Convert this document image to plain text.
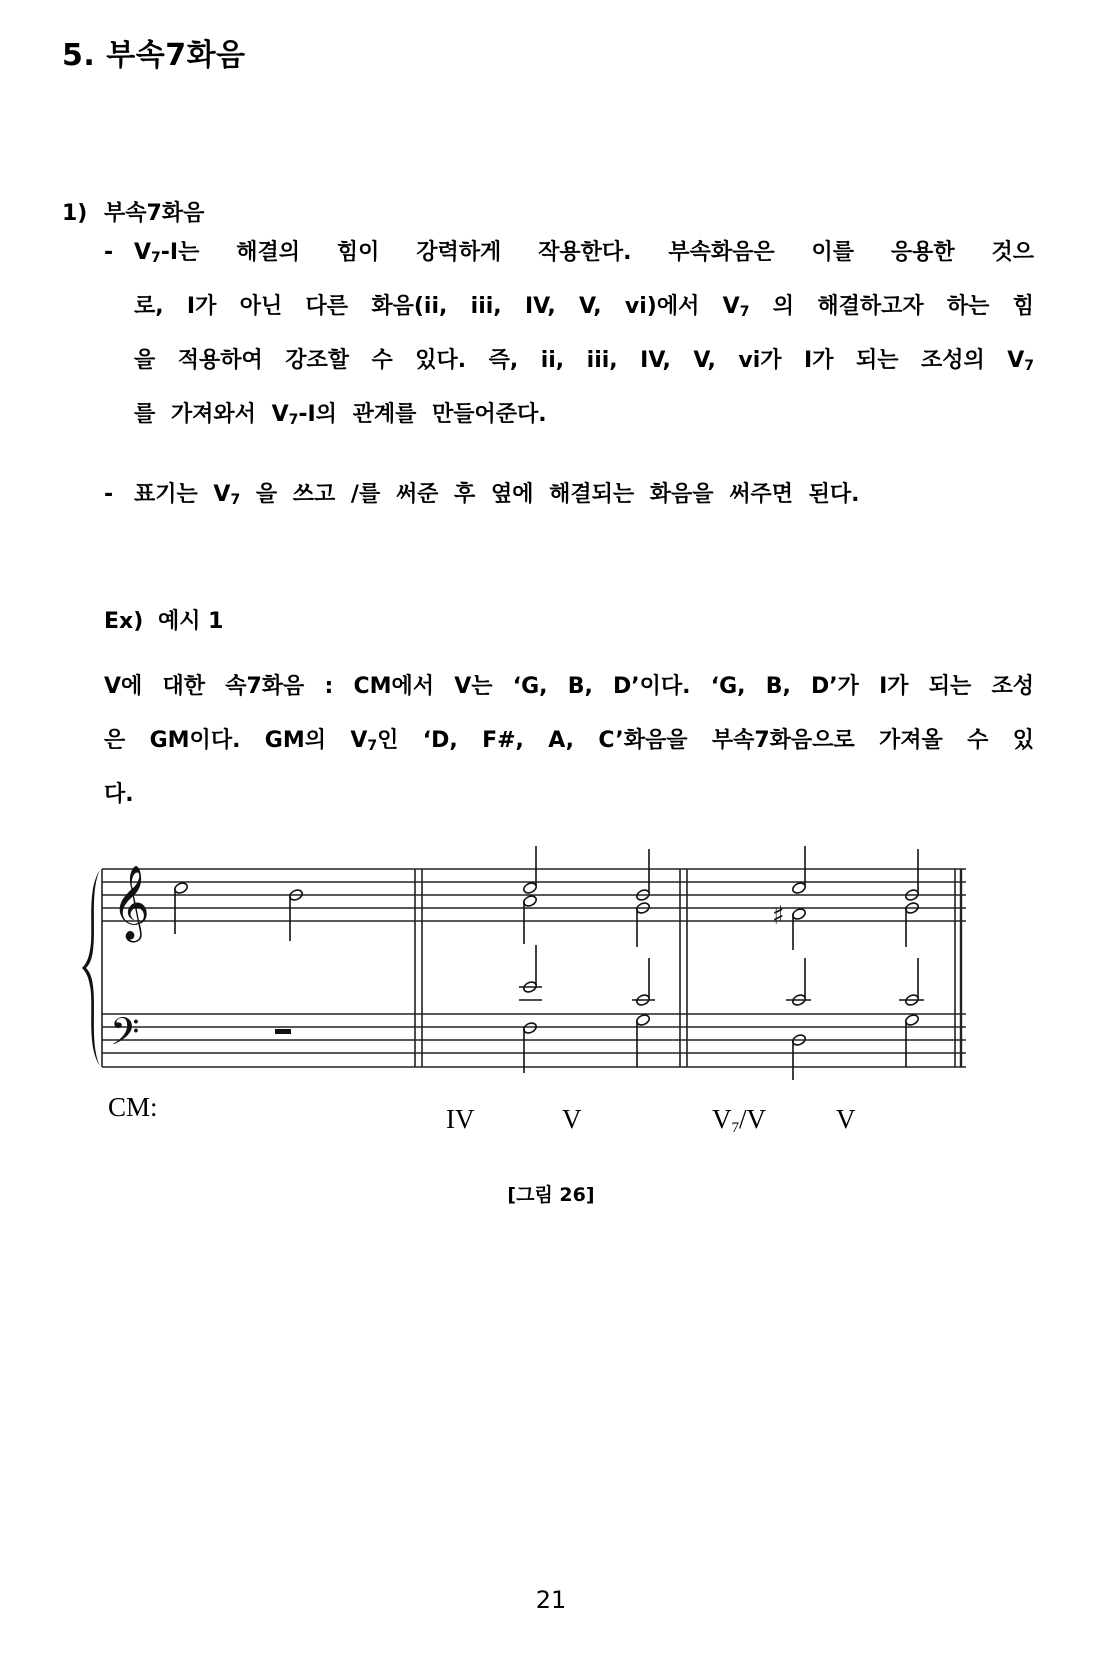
5. 부속7화음
1) 부속7화음
- $V_7-I$는 해결의 힘이 강력하게 작용한다. 부속화음은 이를 응용한 것으
로, I가 아닌 다른 화음(ii, iii, IV, V, vi)에서 $V_7$ 의 해결하고자 하는 힘
을 적용하여 강조할 수 있다. 즉, ii, iii, IV, V, vi가 I가 되는 조성의 $V_7$
를 가져와서 $V_7-I$의 관계를 만들어준다.
- 표기는 $V_7$ 을 쓰고 /를 써준 후 옆에 해결되는 화음을 써주면 된다.
Ex) 예시 1
V에 대한 속7화음 : CM에서 V는 ‘G, B, D’이다. ‘G, B, D’가 I가 되는 조성
은 GM이다. GM의 $V_7$인 ‘D, F#, A, C’화음을 부속7화음으로 가져올 수 있
다.
𝄞
𝄢
♯
CM:	IV	V	$V_7/V$	V
[그림 26]
21
